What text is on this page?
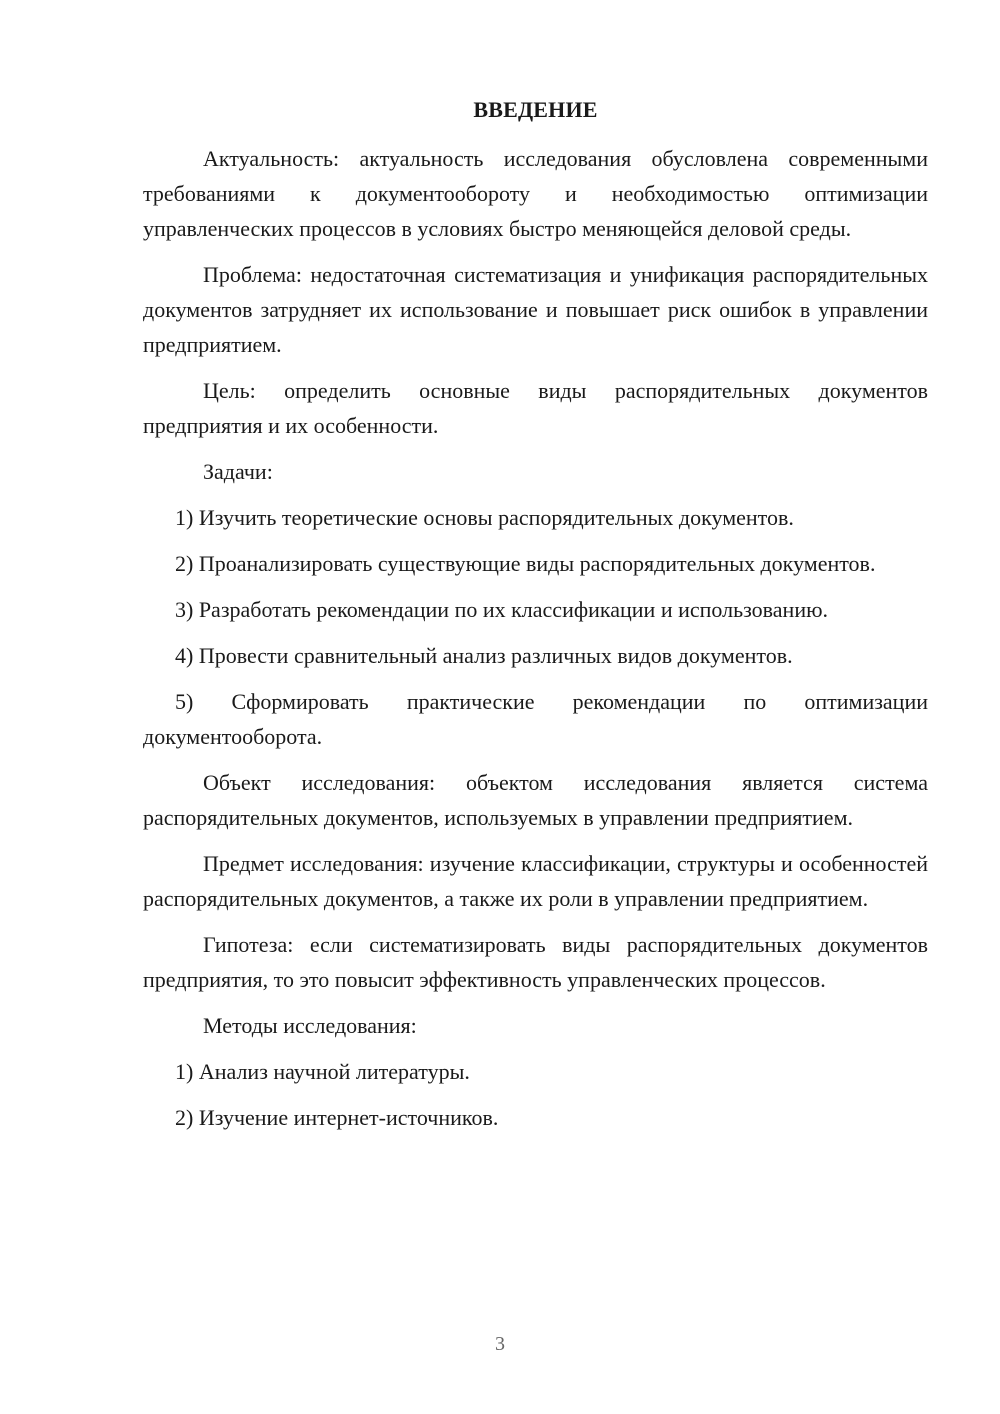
ВВЕДЕНИЕ

Актуальность: актуальность исследования обусловлена современными требованиями к документообороту и необходимостью оптимизации управленческих процессов в условиях быстро меняющейся деловой среды.

Проблема: недостаточная систематизация и унификация распорядительных документов затрудняет их использование и повышает риск ошибок в управлении предприятием.

Цель: определить основные виды распорядительных документов предприятия и их особенности.

Задачи:

1) Изучить теоретические основы распорядительных документов.

2) Проанализировать существующие виды распорядительных документов.

3) Разработать рекомендации по их классификации и использованию.

4) Провести сравнительный анализ различных видов документов.

5) Сформировать практические рекомендации по оптимизации документооборота.

Объект исследования: объектом исследования является система распорядительных документов, используемых в управлении предприятием.

Предмет исследования: изучение классификации, структуры и особенностей распорядительных документов, а также их роли в управлении предприятием.

Гипотеза: если систематизировать виды распорядительных документов предприятия, то это повысит эффективность управленческих процессов.

Методы исследования:

1) Анализ научной литературы.

2) Изучение интернет-источников.

3
